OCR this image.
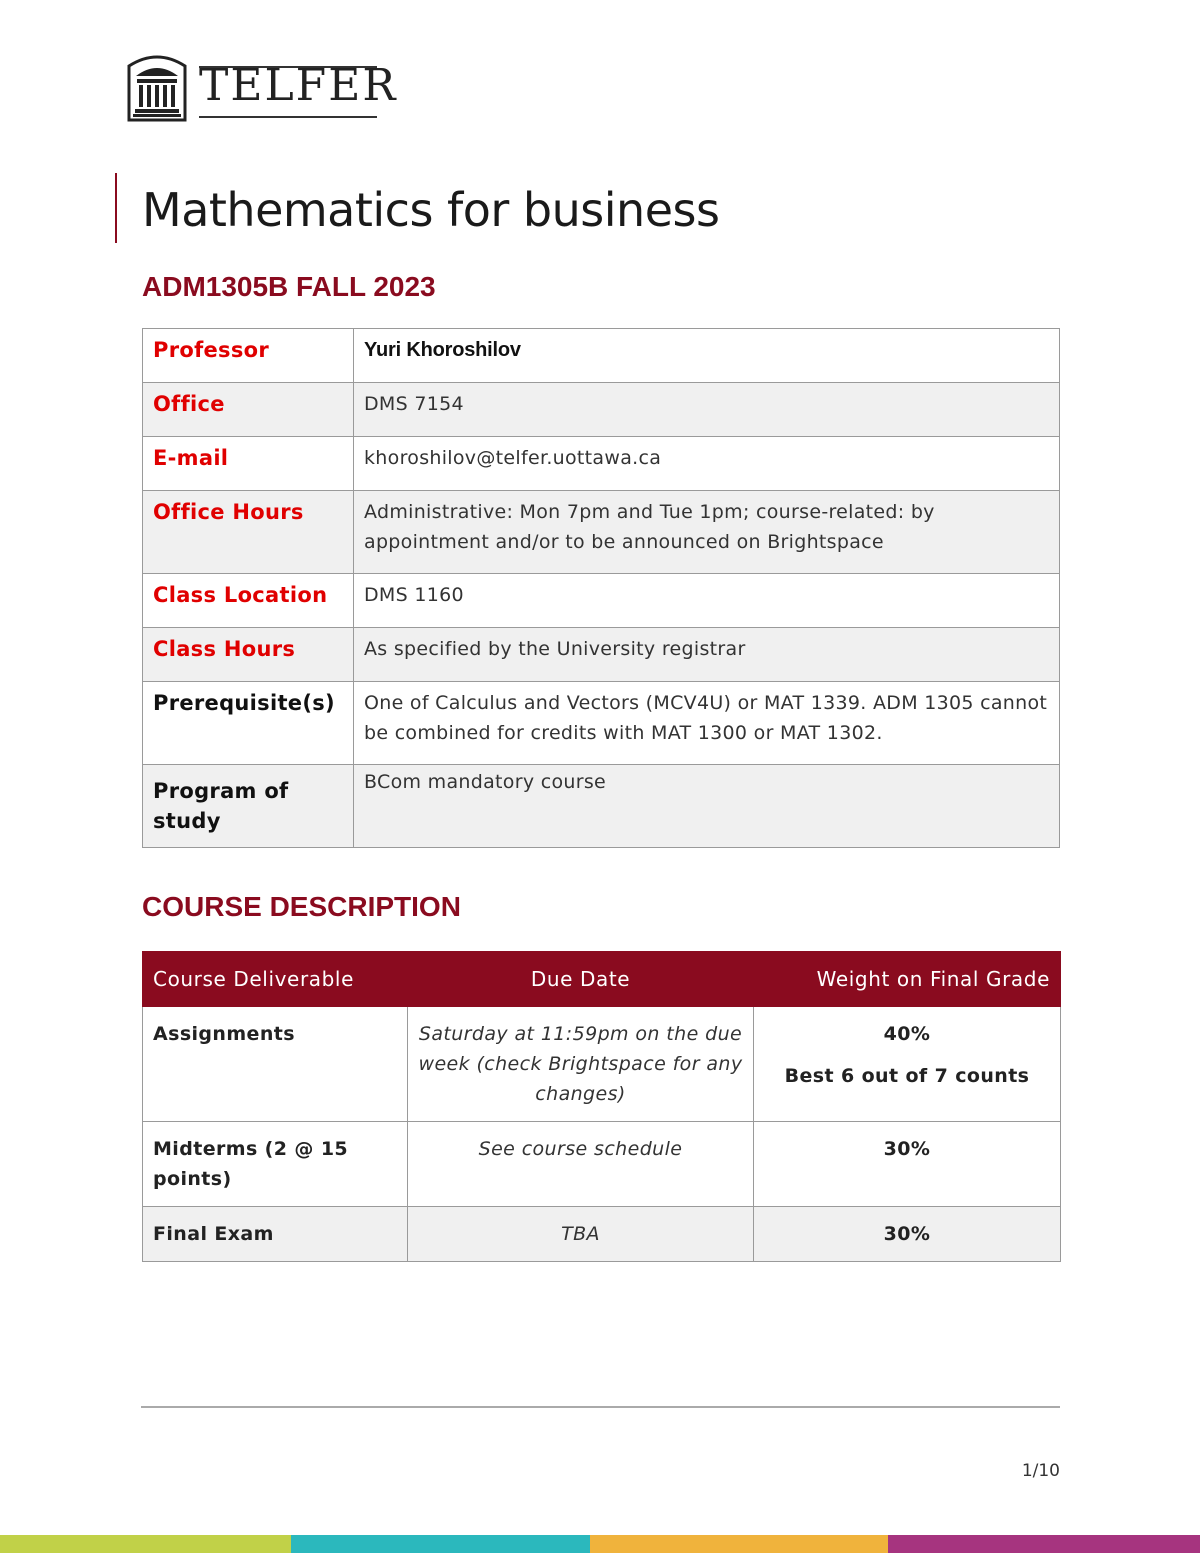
TELFER
Mathematics for business
ADM1305B FALL 2023
Professor	Yuri Khoroshilov
Office	DMS 7154
E-mail	khoroshilov@telfer.uottawa.ca
Office Hours	Administrative: Mon 7pm and Tue 1pm; course-related: by appointment and/or to be announced on Brightspace
Class Location	DMS 1160
Class Hours	As specified by the University registrar
Prerequisite(s)	One of Calculus and Vectors (MCV4U) or MAT 1339. ADM 1305 cannot be combined for credits with MAT 1300 or MAT 1302.
Program of study	BCom mandatory course
COURSE DESCRIPTION
Course Deliverable	Due Date	Weight on Final Grade
Assignments	Saturday at 11:59pm on the due week (check Brightspace for any changes)	40%
Best 6 out of 7 counts

Midterms (2 @ 15 points)	See course schedule	30%
Final Exam	TBA	30%
1/10
